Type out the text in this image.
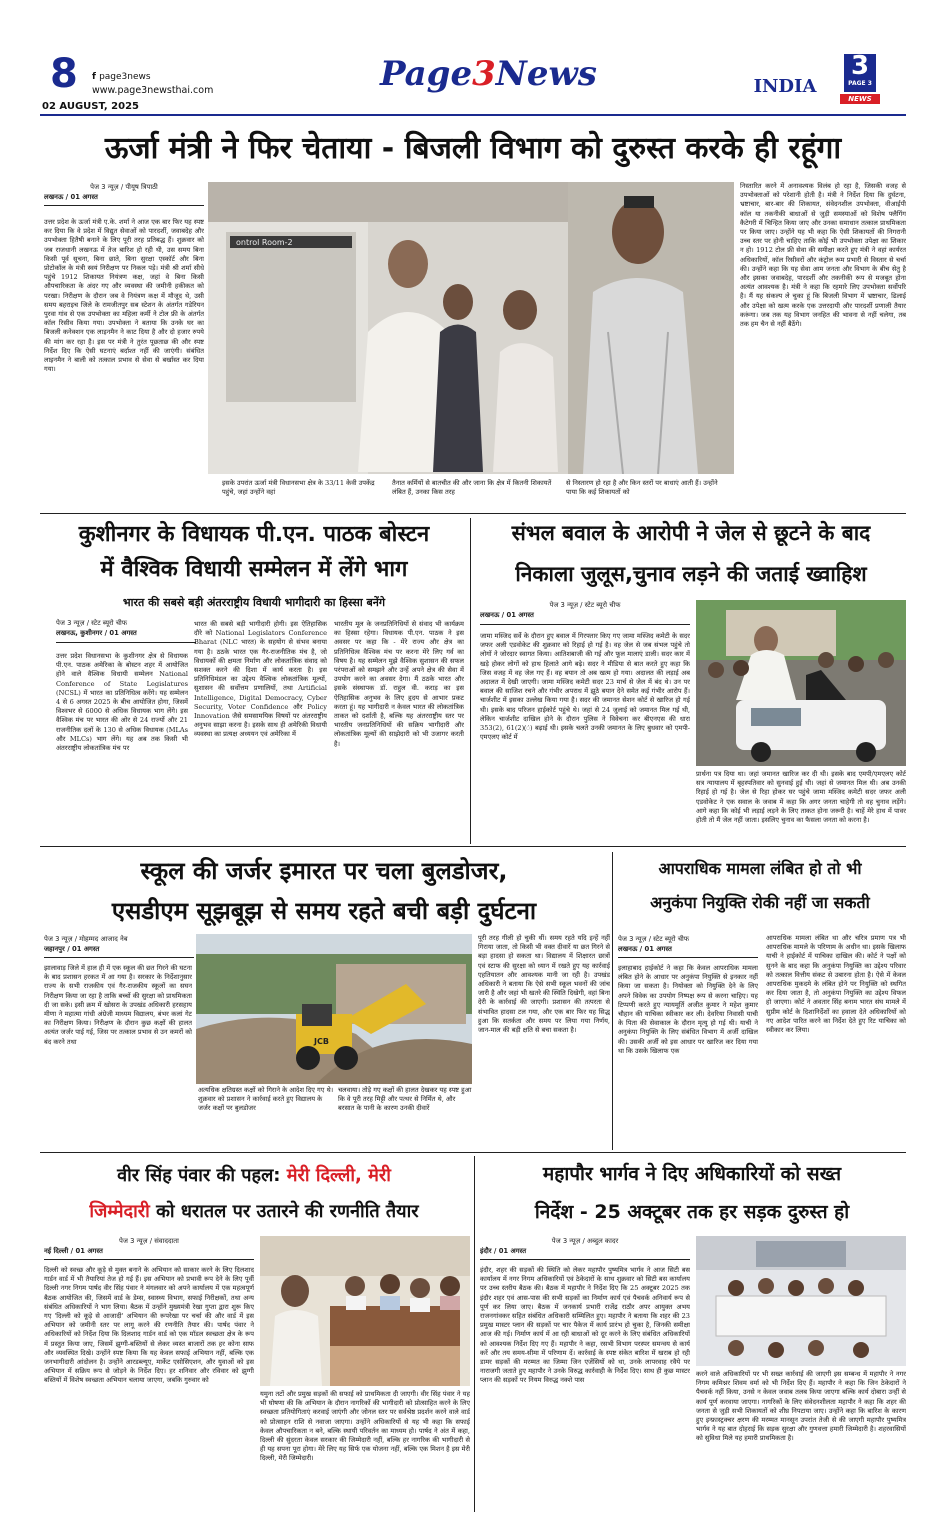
8	f page3news
www.page3newsthai.com
02 AUGUST, 2025
Page3News	INDIA
3
PAGE 3
NEWS
ऊर्जा मंत्री ने फिर चेताया - बिजली विभाग को दुरुस्त करके ही रहूंगा
पेज 3 न्यूज़ / पीयूष त्रिपाठी
लखनऊ / 01 अगस्त
उत्तर प्रदेश के ऊर्जा मंत्री ए.के. शर्मा ने आज एक बार फिर यह स्पष्ट कर दिया कि वे प्रदेश में विद्युत सेवाओं को पारदर्शी, जवाबदेह और उपभोक्ता हितैषी बनाने के लिए पूरी तरह प्रतिबद्ध हैं। शुक्रवार को जब राजधानी लखनऊ में तेज बारिश हो रही थी, उस समय बिना किसी पूर्व सूचना, बिना छाते, बिना सुरक्षा एस्कॉर्ट और बिना प्रोटोकॉल के मंत्री स्वयं निरीक्षण पर निकल पड़े। मंत्री श्री शर्मा सीधे पहुंचे 1912 शिकायत नियंत्रण कक्ष, जहां वे बिना किसी औपचारिकता के अंदर गए और व्यवस्था की जमीनी हकीकत को परखा। निरीक्षण के दौरान जब वे नियंत्रण कक्ष में मौजूद थे, उसी समय बहराइच जिले के रामजीतपुर सब स्टेशन के अंतर्गत गडेरियन पुरवा गांव से एक उपभोक्ता का महिला कर्मी ने टोल फ्री के अंतर्गत कॉल रिसीव किया गया। उपभोक्ता ने बताया कि उनके घर का बिजली कनेक्शन एक लाइनमैन ने काट दिया है और दो हजार रुपये की मांग कर रहा है। इस पर मंत्री ने तुरंत पूछताछ की और स्पष्ट निर्देश दिए कि ऐसी घटनाएं बर्दाश्त नहीं की जाएंगी। संबंधित लाइनमैन ने बाली को तत्काल प्रभाव से सेवा से बर्खास्त कर दिया गया।
ontrol Room-2
इसके उपरांत ऊर्जा मंत्री विधानसभा क्षेत्र के 33/11 केवी उपकेंद्र पहुंचे, जहां उन्होंने वहां
तैनात कर्मियों से बातचीत की और जाना कि क्षेत्र में कितनी शिकायतें लंबित हैं, उनका किस तरह
से निस्तारण हो रहा है और किन स्तरों पर बाधाएं आती हैं। उन्होंने पाया कि कई शिकायतों को
निस्तारित करने में अनावश्यक विलंब हो रहा है, जिसकी वजह से उपभोक्ताओं को परेशानी होती है। मंत्री ने निर्देश दिया कि दुर्घटना, भ्रष्टाचार, बार-बार की शिकायत, संवेदनशील उपभोक्ता, वीआईपी कॉल या तकनीकी बाधाओं से जुड़ी समस्याओं को विशेष फ्लैगिंग कैटेगरी में चिन्हित किया जाए और उनका समाधान तत्काल प्राथमिकता पर किया जाए। उन्होंने यह भी कहा कि ऐसी शिकायतों की निगरानी उच्च स्तर पर होनी चाहिए ताकि कोई भी उपभोक्ता उपेक्षा का शिकार न हो। 1912 टोल फ्री सेवा की समीक्षा करते हुए मंत्री ने वहां कार्यरत अधिकारियों, कॉल रिसीवरों और कंट्रोल रूम प्रभारी से विस्तार से चर्चा की। उन्होंने कहा कि यह सेवा आम जनता और विभाग के बीच सेतु है और इसका जवाबदेह, पारदर्शी और तकनीकी रूप से मजबूत होना अत्यंत आवश्यक है। मंत्री ने कहा कि रहमारे लिए उपभोक्ता सर्वोपरि है। मैं यह संकल्प ले चुका हूं कि बिजली विभाग में भ्रष्टाचार, ढिलाई और उपेक्षा को खत्म करके एक उत्तरदायी और पारदर्शी प्रणाली तैयार करूंगा। जब तक यह विभाग जनहित की भावना से नहीं चलेगा, तब तक हम चैन से नहीं बैठेंगे।
कुशीनगर के विधायक पी.एन. पाठक बोस्टन
में वैश्विक विधायी सम्मेलन में लेंगे भाग
भारत की सबसे बड़ी अंतरराष्ट्रीय विधायी भागीदारी का हिस्सा बनेंगे
पेज 3 न्यूज़ / स्टेट ब्यूरो चीफ
लखनऊ, कुशीनगर / 01 अगस्त
उत्तर प्रदेश विधानसभा के कुशीनगर क्षेत्र से विधायक पी.एन. पाठक अमेरिका के बोस्टन शहर में आयोजित होने वाले वैश्विक विधायी सम्मेलन National Conference of State Legislatures (NCSL) में भारत का प्रतिनिधित्व करेंगे। यह सम्मेलन 4 से 6 अगस्त 2025 के बीच आयोजित होगा, जिसमें विश्वभर से 6000 से अधिक विधायक भाग लेंगे। इस वैश्विक मंच पर भारत की ओर से 24 राज्यों और 21 राजनीतिक दलों के 130 से अधिक विधायक (MLAs और MLCs) भाग लेंगे। यह अब तक किसी भी अंतरराष्ट्रीय लोकतांत्रिक मंच पर
भारत की सबसे बड़ी भागीदारी होगी। इस ऐतिहासिक दौरे को National Legislators Conference Bharat (NLC भारत) के सहयोग से संभव बनाया गया है। ठठके भारत एक गैर-राजनीतिक मंच है, जो विधायकों की क्षमता निर्माण और लोकतांत्रिक संवाद को सशक्त करने की दिशा में कार्य करता है। इस प्रतिनिधिमंडल का उद्देश्य वैश्विक लोकतांत्रिक मूल्यों, सुशासन की सर्वोत्तम प्रणालियों, तथा Artificial Intelligence, Digital Democracy, Cyber Security, Voter Confidence और Policy Innovation जैसे समसामयिक विषयों पर अंतरराष्ट्रीय अनुभव साझा करना है। इसके साथ ही अमेरिकी विधायी व्यवस्था का प्रत्यक्ष अध्ययन एवं अमेरिका में
भारतीय मूल के जनप्रतिनिधियों से संवाद भी कार्यक्रम का हिस्सा रहेगा। विधायक पी.एन. पाठक ने इस अवसर पर कहा कि - मेरे राज्य और क्षेत्र का प्रतिनिधित्व वैश्विक मंच पर करना मेरे लिए गर्व का विषय है। यह सम्मेलन मुझे वैश्विक सुशासन की सफल परंपराओं को समझने और उन्हें अपने क्षेत्र की सेवा में उपयोग करने का अवसर देगा। मैं ठठके भारत और इसके संस्थापक डॉ. राहुल वी. कराड़ का इस ऐतिहासिक अनुभव के लिए हृदय से आभार प्रकट करता हूं। यह भागीदारी न केवल भारत की लोकतांत्रिक ताकत को दर्शाती है, बल्कि यह अंतरराष्ट्रीय स्तर पर भारतीय जनप्रतिनिधियों की सक्रिय भागीदारी और लोकतांत्रिक मूल्यों की साझेदारी को भी उजागर करती है।
संभल बवाल के आरोपी ने जेल से छूटने के बाद
निकाला जुलूस,चुनाव लड़ने की जताई ख्वाहिश
पेज 3 न्यूज़ / स्टेट ब्यूरो चीफ
लखनऊ / 01 अगस्त
जामा मस्जिद सर्वे के दौरान हुए बवाल में गिरफ्तार किए गए जामा मस्जिद कमेटी के सदर जफर अली एडवोकेट की शुक्रवार को रिहाई हो गई है। वह जेल से जब संभल पहुंचे तो लोगों ने जोरदार स्वागत किया। आतिशबाजी की गई और फूल मालाएं डाली। सदर कार में खड़े होकर लोगों को हाथ हिलाते आगे बढ़े। सदर ने मीडिया से बात करते हुए कहा कि जिस वजह में वह जेल गए हैं। वह बयान तो अब खत्म हो गया। अदालत की लड़ाई अब अदालत में देखी जाएगी। जामा मस्जिद कमेटी सदर 23 मार्च से जेल में बंद थे। उन पर बवाल की साजिश रचने और गंभीर अपराध में झूठे बयान देने समेत कई गंभीर आरोप हैं। चार्जशीट में इसका उल्लेख किया गया है। सदर की जमानत सेशन कोर्ट से खारिज हो गई थी। इसके बाद परिजन हाईकोर्ट पहुंचे थे। जहां से 24 जुलाई को जमानत मिल गई थी, लेकिन चार्जशीट दाखिल होने के दौरान पुलिस ने विवेचना कर बीएनएस की धारा 353(2), 61(2)(ं) बढ़ाई थी। इसके चलते उनकी जमानत के लिए बुधवार को एमपी-एमएलए कोर्ट में
प्रार्थना पत्र दिया था। जहां जमानत खारिज कर दी थी। इसके बाद एमपी/एमएलए कोर्ट सत्र न्यायालय में बृहस्पतिवार को सुनवाई हुई थी। जहां से जमानत मिल थी। अब उनकी रिहाई हो गई है। जेल से रिहा होकर घर पहुंचे जामा मस्जिद कमेटी सदर जफर अली एडवोकेट ने एक सवाल के जवाब में कहा कि अगर जनता चाहेगी तो वह चुनाव लड़ेंगे। आगे कहा कि कोई भी लड़ाई लड़ने के लिए ताकत होना जरूरी है। चाहें मेरे हाथ में पावर होती तो मैं जेल नहीं जाता। इसलिए चुनाव का फैसला जनता को करना है।
स्कूल की जर्जर इमारत पर चला बुलडोजर,
एसडीएम सूझबूझ से समय रहते बची बड़ी दुर्घटना
पेज 3 न्यूज़ / मोहम्मद आजाद नेब
जहानपुर / 01 अगस्त
झालावाड़ जिले में हाल ही में एक स्कूल की छत गिरने की घटना के बाद प्रशासन हरकत में आ गया है। सरकार के निर्देशानुसार राज्य के सभी राजकीय एवं गैर-राजकीय स्कूलों का सघन निरीक्षण किया जा रहा है ताकि बच्चों की सुरक्षा को प्राथमिकता दी जा सके। इसी क्रम में खोसरा के उपखंड अधिकारी हरसहाय मीणा ने महात्मा गांधी अंग्रेजी माध्यम विद्यालय, बंभर कलां गेट का निरीक्षण किया। निरीक्षण के दौरान कुछ कक्षों की हालत अत्यंत जर्जर पाई गई, जिस पर तत्काल प्रभाव से उन कमरों को बंद करने तथा	JCB
अत्यधिक क्षतिग्रस्त कक्षों को गिराने के आदेश दिए गए थे। शुक्रवार को प्रशासन ने कार्रवाई करते हुए विद्यालय के जर्जर कक्षों पर बुलडोजर
चलवाया। तोड़े गए कक्षों की हालत देखकर यह स्पष्ट हुआ कि वे पूरी तरह मिट्टी और पत्थर से निर्मित थे, और बरसात के पानी के कारण उनकी दीवारें
पूरी तरह गीली हो चुकी थीं। समय रहते यदि इन्हें नहीं गिराया जाता, तो किसी भी वक्त दीवारें या छत गिरने से बड़ा हादसा हो सकता था। विद्यालय में शिक्षारत छात्रों एवं स्टाफ की सुरक्षा को ध्यान में रखते हुए यह कार्रवाई एहतियातन और आवश्यक मानी जा रही है। उपखंड अधिकारी ने बताया कि ऐसे सभी स्कूल भवनों की जांच जारी है और जहां भी खतरे की स्थिति दिखेगी, वहां बिना देरी के कार्रवाई की जाएगी। प्रशासन की तत्परता से संभावित हादसा टल गया, और एक बार फिर यह सिद्ध हुआ कि सतर्कता और समय पर लिया गया निर्णय, जान-माल की बड़ी क्षति से बचा सकता है।
आपराधिक मामला लंबित हो तो भी
अनुकंपा नियुक्ति रोकी नहीं जा सकती
पेज 3 न्यूज़ / स्टेट ब्यूरो चीफ
लखनऊ / 01 अगस्त
इलाहाबाद हाईकोर्ट ने कहा कि केवल आपराधिक मामला लंबित होने के आधार पर अनुकंपा नियुक्ति से इनकार नहीं किया जा सकता है। नियोक्ता को नियुक्ति देने के लिए अपने विवेक का उपयोग निष्पक्ष रूप से करना चाहिए। यह टिप्पणी करते हुए न्यायमूर्ति अजीत कुमार ने महेश कुमार चौहान की याचिका स्वीकार कर ली। देवरिया निवासी याची के पिता की सेवाकाल के दौरान मृत्यु हो गई थी। याची ने अनुकंपा नियुक्ति के लिए संबंधित विभाग में अर्जी दाखिल की। उसकी अर्जी को इस आधार पर खारिज कर दिया गया था कि उसके खिलाफ एक
आपराधिक मामला लंबित था और चरित्र प्रमाण पत्र भी आपराधिक मामले के परिणाम के अधीन था। इसके खिलाफ याची ने हाईकोर्ट में याचिका दाखिल की। कोर्ट ने पक्षों को सुनने के बाद कहा कि अनुकंपा नियुक्ति का उद्देश्य परिवार को तत्काल वित्तीय संकट से उबारना होता है। ऐसे में केवल आपराधिक मुकदमे के लंबित होने पर नियुक्ति को स्थगित कर दिया जाता है, तो अनुकंपा नियुक्ति का उद्देश्य विफल हो जाएगा। कोर्ट ने अवतार सिंह बनाम भारत संघ मामले में सुप्रीम कोर्ट के दिशानिर्देशों का हवाला देते अधिकारियों को नए आदेश पारित करने का निर्देश देते हुए रिट याचिका को स्वीकार कर लिया।
वीर सिंह पंवार की पहल: मेरी दिल्ली, मेरी
जिम्मेदारी को धरातल पर उतारने की रणनीति तैयार
पेज 3 न्यूज़ / संवाददाता
नई दिल्ली / 01 अगस्त
दिल्ली को स्वच्छ और कूड़े से मुक्त बनाने के अभियान को साकार करने के लिए दिलशाद गार्डन वार्ड में भी तैयारियां तेज हो गई हैं। इस अभियान को प्रभावी रूप देने के लिए पूर्वी दिल्ली नगर निगम पार्षद वीर सिंह पंवार ने मंगलवार को अपने कार्यालय में एक महत्वपूर्ण बैठक आयोजित की, जिसमें वार्ड के डेम्स, स्वास्थ्य विभाग, सफाई निरीक्षकों, तथा अन्य संबंधित अधिकारियों ने भाग लिया। बैठक में उन्होंने मुख्यमंत्री रेखा गुप्ता द्वारा शुरू किए गए 'दिल्ली को कूड़े से आजादी' अभियान की रूपरेखा पर चर्चा की और वार्ड में इस अभियान को जमीनी स्तर पर लागू करने की रणनीति तैयार की। पार्षद पंवार ने अधिकारियों को निर्देश दिया कि दिलशाद गार्डन वार्ड को एक मॉडल स्वच्छता क्षेत्र के रूप में प्रस्तुत किया जाए, जिसमें झुग्गी-बस्तियों से लेकर व्यस्त बाजारों तक हर कोना साफ और व्यवस्थित दिखे। उन्होंने स्पष्ट किया कि यह केवल सफाई अभियान नहीं, बल्कि एक जनभागीदारी आंदोलन है। उन्होंने आरडब्ल्यूए, मार्केट एसोसिएशन, और युवाओं को इस अभियान में सक्रिय रूप से जोड़ने के निर्देश दिए। हर शनिवार और रविवार को झुग्गी बस्तियों में विशेष स्वच्छता अभियान चलाया जाएगा, जबकि गुरुवार को
यमुना तटों और प्रमुख सड़कों की सफाई को प्राथमिकता दी जाएगी। वीर सिंह पंवार ने यह भी घोषणा की कि अभियान के दौरान नागरिकों की भागीदारी को प्रोत्साहित करने के लिए स्वच्छता प्रतियोगिताएं करवाई जाएंगी और जोनल स्तर पर सर्वश्रेष्ठ प्रदर्शन करने वाले वार्ड को प्रोत्साहन राशि से नवाजा जाएगा। उन्होंने अधिकारियों से यह भी कहा कि सफाई केवल औपचारिकता न बने, बल्कि स्थायी परिवर्तन का माध्यम हो। पार्षद ने अंत में कहा, दिल्ली की सुंदरता केवल सरकार की जिम्मेदारी नहीं, बल्कि हर नागरिक की भागीदारी से ही यह सपना पूरा होगा। मेरे लिए यह सिर्फ एक योजना नहीं, बल्कि एक मिशन है इस मेरी दिल्ली, मेरी जिम्मेदारी।
महापौर भार्गव ने दिए अधिकारियों को सख्त
निर्देश - 25 अक्टूबर तक हर सड़क दुरुस्त हो
पेज 3 न्यूज़ / अब्दुल कादर
इंदौर / 01 अगस्त
इंदौर, शहर की सड़कों की स्थिति को लेकर महापौर पुष्यमित्र भार्गव ने आज सिटी बस कार्यालय में नगर निगम अधिकारियों एवं ठेकेदारों के साथ शुक्रवार को सिटी बस कार्यालय पर उच्च स्तरीय बैठक की। बैठक में महापौर ने निर्देश दिए कि 25 अक्टूबर 2025 तक इंदौर शहर एवं आस-पास की सभी सड़कों का निर्माण कार्य एवं पैचवर्क अनिवार्य रूप से पूर्ण कर लिया जाए। बैठक में जनकार्य प्रभारी राजेंद्र राठौर अपर आयुक्त अभय राजनगांवकर सहित संबंधित अधिकारी सम्मिलित हुए। महापौर ने बताया कि शहर की 23 प्रमुख मास्टर प्लान की सड़कों पर चार पैकेज में कार्य प्रारंभ हो चुका है, जिनकी समीक्षा आज की गई। निर्माण कार्य में आ रही बाधाओं को दूर करने के लिए संबंधित अधिकारियों को आवश्यक निर्देश दिए गए हैं। महापौर ने कहा, रसभी विभाग परस्पर समन्वय से कार्य करें और तय समय-सीमा में परिणाम दें। कार्रवाई के स्पष्ट संकेत बारिश में खराब हो रही डामर सड़कों की मरम्मत का जिम्मा जिन एजेंसियों को था, उनके लापरवाह रवैये पर नाराजगी जताते हुए महापौर ने उनके विरुद्ध कार्रवाही के निर्देश दिए। साथ ही कुछ मास्टर प्लान की सड़कों पर नियम विरुद्ध नक्शे पास
करने वाले अधिकारियों पर भी सख्त कार्रवाई की जाएगी इस सम्बन्ध में महापौर ने नगर निगम कमिश्नर शिवम वर्मा को भी निर्देश दिए हैं। महापौर ने कहा कि जिन ठेकेदारों ने पैचवर्क नहीं किया, उनसे न केवल जवाब तलब किया जाएगा बल्कि कार्य दोबारा उन्हीं से कार्य पूर्ण करवाया जाएगा। नागरिकों के लिए संवेदनशीलता महापौर ने कहा कि शहर की जनता से जुड़ी सभी शिकायतों को शीघ्र निपटाया जाए। उन्होंने कहा कि बारिश के कारण हुए इन्फ्रास्ट्रक्चर क्षरण की मरम्मत मानसून उपरांत तेजी से की जाएगी महापौर पुष्यमित्र भार्गव ने यह बात दोहराई कि सड़क सुरक्षा और गुणवत्ता हमारी जिम्मेदारी है। शहरवासियों को सुविधा मिले यह हमारी प्राथमिकता है।
